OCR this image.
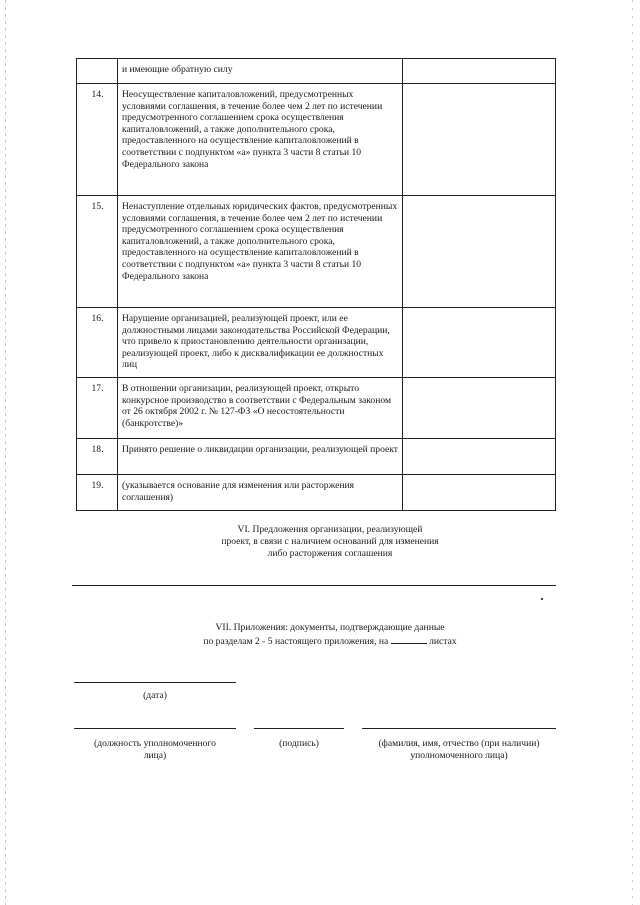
	и имеющие обратную силу	
14.	Неосуществление капиталовложений, предусмотренных условиями соглашения, в течение более чем 2 лет по истечении предусмотренного соглашением срока осуществления капиталовложений, а также дополнительного срока, предоставленного на осуществление капиталовложений в соответствии с подпунктом «а» пункта 3 части 8 статьи 10 Федерального закона	
15.	Ненаступление отдельных юридических фактов, предусмотренных условиями соглашения, в течение более чем 2 лет по истечении предусмотренного соглашением срока осуществления капиталовложений, а также дополнительного срока, предоставленного на осуществление капиталовложений в соответствии с подпунктом «а» пункта 3 части 8 статьи 10 Федерального закона	
16.	Нарушение организацией, реализующей проект, или ее должностными лицами законодательства Российской Федерации, что привело к приостановлению деятельности организации, реализующей проект, либо к дисквалификации ее должностных лиц	
17.	В отношении организации, реализующей проект, открыто конкурсное производство в соответствии с Федеральным законом от 26 октября 2002 г. № 127-ФЗ «О несостоятельности (банкротстве)»	
18.	Принято решение о ликвидации организации, реализующей проект	
19.	(указывается основание для изменения или расторжения соглашения)	
VI. Предложения организации, реализующей
проект, в связи с наличием оснований для изменения
либо расторжения соглашения
VII. Приложения: документы, подтверждающие данные
по разделам 2 - 5 настоящего приложения, на	листах
(дата)
(должность уполномоченного
лица)
(подпись)	(фамилия, имя, отчество (при наличии)
уполномоченного лица)
